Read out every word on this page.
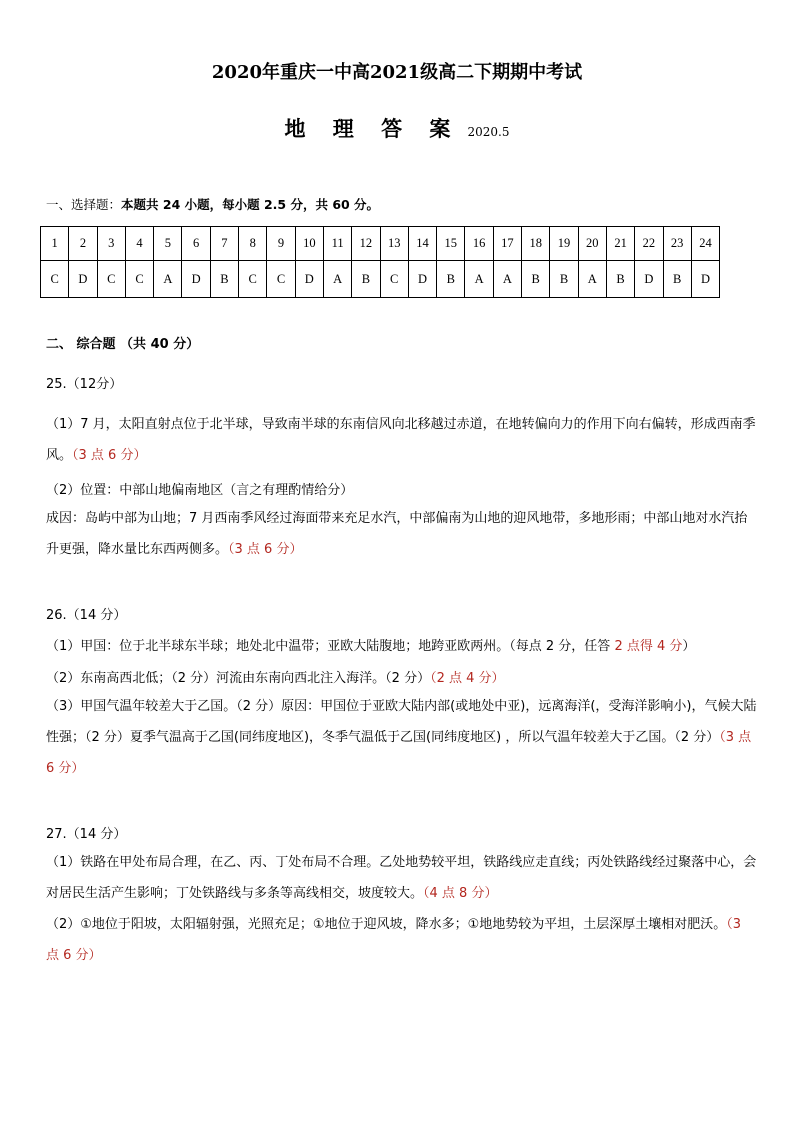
2020年重庆一中高2021级高二下期期中考试
地 理 答 案 2020.5
一、选择题：本题共 24 小题，每小题 2.5 分，共 60 分。
1	2	3	4	5	6	7	8	9	10	11	12	13	14	15	16	17	18	19	20	21	22	23	24
C	D	C	C	A	D	B	C	C	D	A	B	C	D	B	A	A	B	B	A	B	D	B	D
二、 综合题 （共 40 分）
25.（12分）
（1）7 月，太阳直射点位于北半球，导致南半球的东南信风向北移越过赤道，在地转偏向力的作用下向右偏转，形成西南季风。（3 点 6 分）
（2）位置：中部山地偏南地区（言之有理酌情给分）
成因：岛屿中部为山地；7 月西南季风经过海面带来充足水汽，中部偏南为山地的迎风地带，多地形雨；中部山地对水汽抬升更强，降水量比东西两侧多。（3 点 6 分）
26.（14 分）
（1）甲国：位于北半球东半球；地处北中温带；亚欧大陆腹地；地跨亚欧两州。（每点 2 分，任答 2 点得 4 分）
（2）东南高西北低；（2 分）河流由东南向西北注入海洋。（2 分）（2 点 4 分）
（3）甲国气温年较差大于乙国。（2 分）原因：甲国位于亚欧大陆内部(或地处中亚)，远离海洋(，受海洋影响小)，气候大陆性强；（2 分）夏季气温高于乙国(同纬度地区)，冬季气温低于乙国(同纬度地区) ，所以气温年较差大于乙国。（2 分）（3 点 6 分）
27.（14 分）
（1）铁路在甲处布局合理，在乙、丙、丁处布局不合理。乙处地势较平坦，铁路线应走直线；丙处铁路线经过聚落中心，会对居民生活产生影响；丁处铁路线与多条等高线相交，坡度较大。（4 点 8 分）
（2）①地位于阳坡，太阳辐射强，光照充足；①地位于迎风坡，降水多；①地地势较为平坦，土层深厚土壤相对肥沃。（3 点 6 分）
